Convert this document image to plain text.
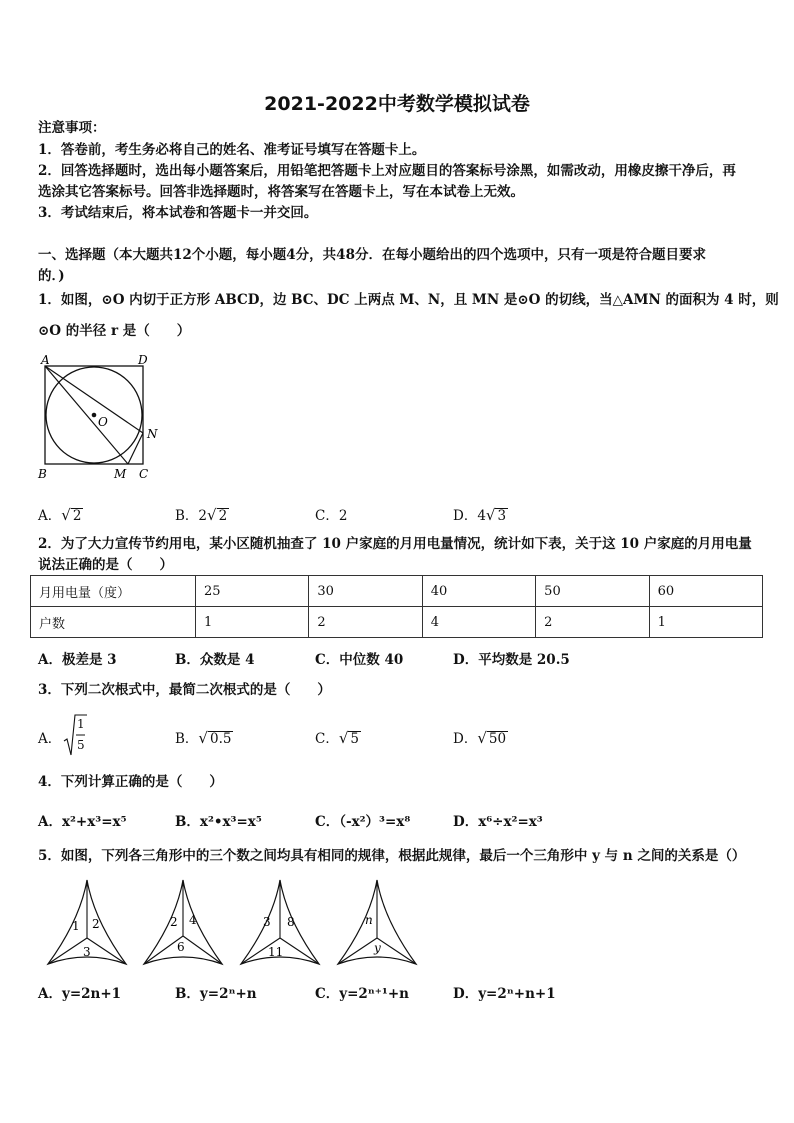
2021-2022中考数学模拟试卷
注意事项：
1．答卷前，考生务必将自己的姓名、准考证号填写在答题卡上。
2．回答选择题时，选出每小题答案后，用铅笔把答题卡上对应题目的答案标号涂黑，如需改动，用橡皮擦干净后，再
选涂其它答案标号。回答非选择题时，将答案写在答题卡上，写在本试卷上无效。
3．考试结束后，将本试卷和答题卡一并交回。
一、选择题（本大题共12个小题，每小题4分，共48分．在每小题给出的四个选项中，只有一项是符合题目要求
的．)
1．如图，⊙O 内切于正方形 ABCD，边 BC、DC 上两点 M、N，且 MN 是⊙O 的切线，当△AMN 的面积为 4 时，则
⊙O 的半径 r 是（　　）
A	D
O
N
B	M C
A．√ 2	B．2√ 2	C．2	D．4√ 3
2．为了大力宣传节约用电，某小区随机抽查了 10 户家庭的月用电量情况，统计如下表，关于这 10 户家庭的月用电量
说法正确的是（　　）
月用电量（度）	25	30	40	50	60
户数	1	2	4	2	1
A．极差是 3	B．众数是 4	C．中位数 40	D．平均数是 20.5
3．下列二次根式中，最简二次根式的是（　　）
A．
1
5	B．√ 0.5	C．√ 5	D．√ 50
4．下列计算正确的是（　　）
A．x²+x³=x⁵	B．x²•x³=x⁵	C．（-x²）³=x⁸	D．x⁶÷x²=x³
5．如图，下列各三角形中的三个数之间均具有相同的规律，根据此规律，最后一个三角形中 y 与 n 之间的关系是（）
1 2
3
2 4
6
3 8
11
n
y
A．y=2n+1	B．y=2ⁿ+n	C．y=2ⁿ⁺¹+n	D．y=2ⁿ+n+1
